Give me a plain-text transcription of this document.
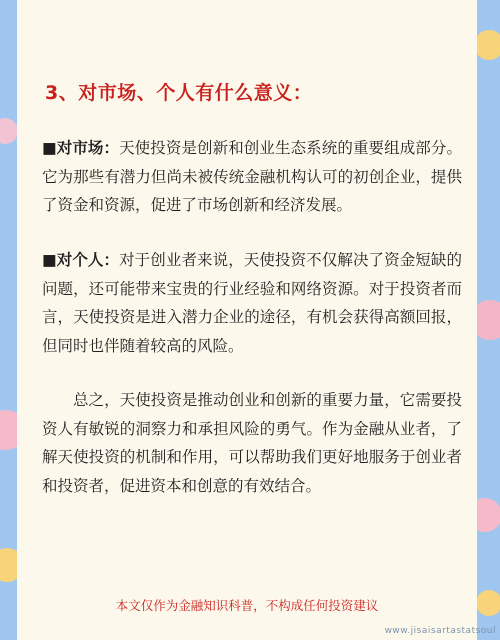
3、对市场、个人有什么意义：
■对市场：天使投资是创新和创业生态系统的重要组成部分。它为那些有潜力但尚未被传统金融机构认可的初创企业，提供了资金和资源，促进了市场创新和经济发展。
■对个人：对于创业者来说，天使投资不仅解决了资金短缺的问题，还可能带来宝贵的行业经验和网络资源。对于投资者而言，天使投资是进入潜力企业的途径，有机会获得高额回报，但同时也伴随着较高的风险。
总之，天使投资是推动创业和创新的重要力量，它需要投资人有敏锐的洞察力和承担风险的勇气。作为金融从业者，了解天使投资的机制和作用，可以帮助我们更好地服务于创业者和投资者，促进资本和创意的有效结合。
本文仅作为金融知识科普，不构成任何投资建议
www.jisaisartastatsoul
